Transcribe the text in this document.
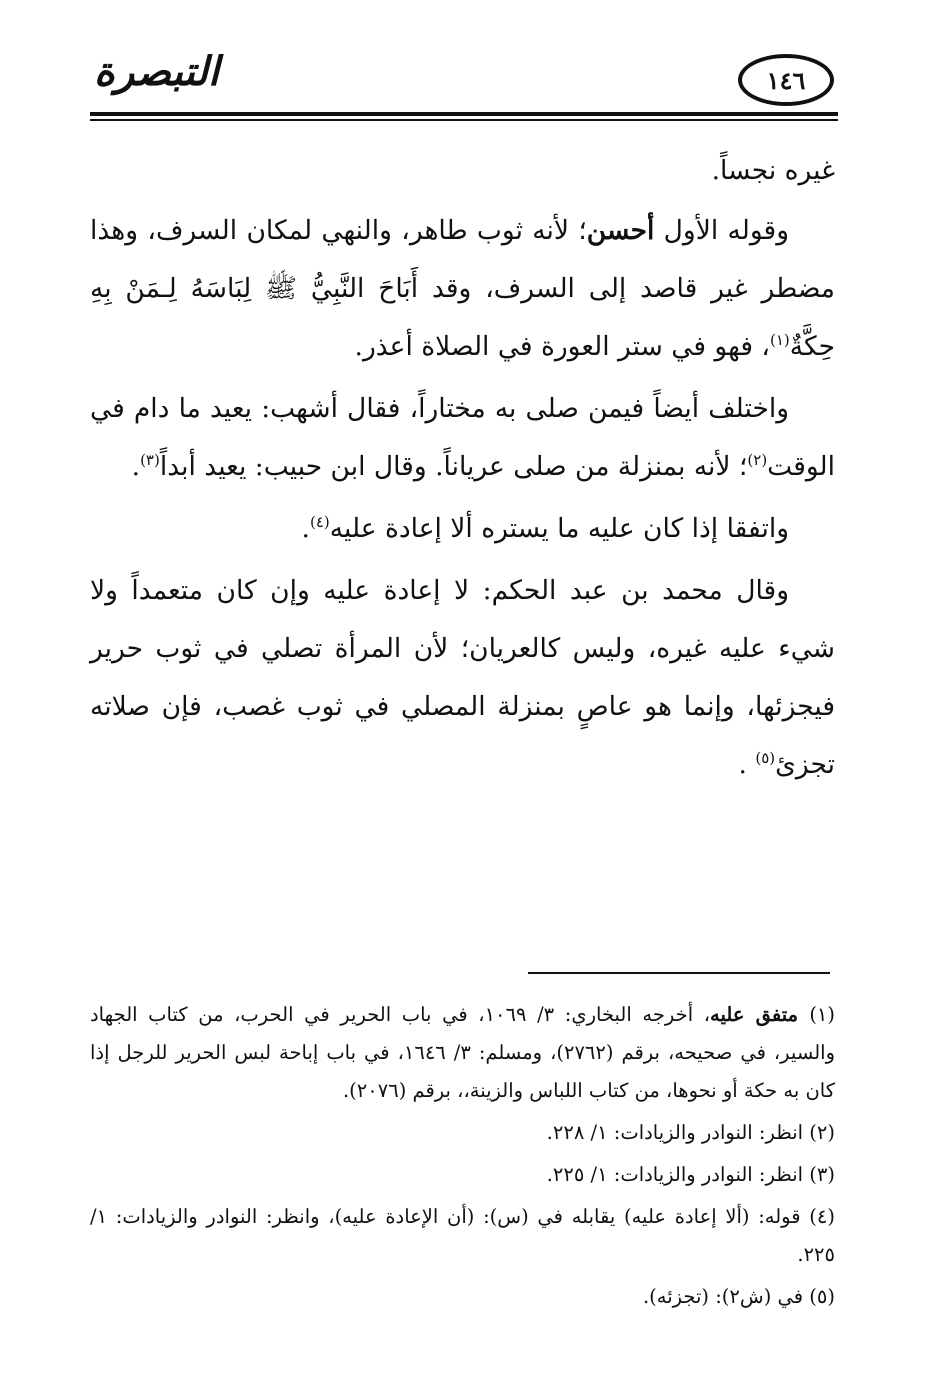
التبصرة	١٤٦

غيره نجساً.

وقوله الأول أحسن؛ لأنه ثوب طاهر، والنهي لمكان السرف، وهذا مضطر غير قاصد إلى السرف، وقد أَبَاحَ النَّبِيُّ ﷺ لِبَاسَهُ لِـمَنْ بِهِ حِكَّةٌ$^{(١)}$، فهو في ستر العورة في الصلاة أعذر.

واختلف أيضاً فيمن صلى به مختاراً، فقال أشهب: يعيد ما دام في الوقت$^{(٢)}$؛ لأنه بمنزلة من صلى عرياناً. وقال ابن حبيب: يعيد أبداً$^{(٣)}$.

واتفقا إذا كان عليه ما يستره ألا إعادة عليه$^{(٤)}$.

وقال محمد بن عبد الحكم: لا إعادة عليه وإن كان متعمداً ولا شيء عليه غيره، وليس كالعريان؛ لأن المرأة تصلي في ثوب حرير فيجزئها، وإنما هو عاصٍ بمنزلة المصلي في ثوب غصب، فإن صلاته تجزئ$^{(٥)}$ .

(١) متفق عليه، أخرجه البخاري: ٣/ ١٠٦٩، في باب الحرير في الحرب، من كتاب الجهاد والسير، في صحيحه، برقم (٢٧٦٢)، ومسلم: ٣/ ١٦٤٦، في باب إباحة لبس الحرير للرجل إذا كان به حكة أو نحوها، من كتاب اللباس والزينة،، برقم (٢٠٧٦).

(٢) انظر: النوادر والزيادات: ١/ ٢٢٨.

(٣) انظر: النوادر والزيادات: ١/ ٢٢٥.

(٤) قوله: (ألا إعادة عليه) يقابله في (س): (أن الإعادة عليه)، وانظر: النوادر والزيادات: ١/ ٢٢٥.

(٥) في (ش٢): (تجزئه).
